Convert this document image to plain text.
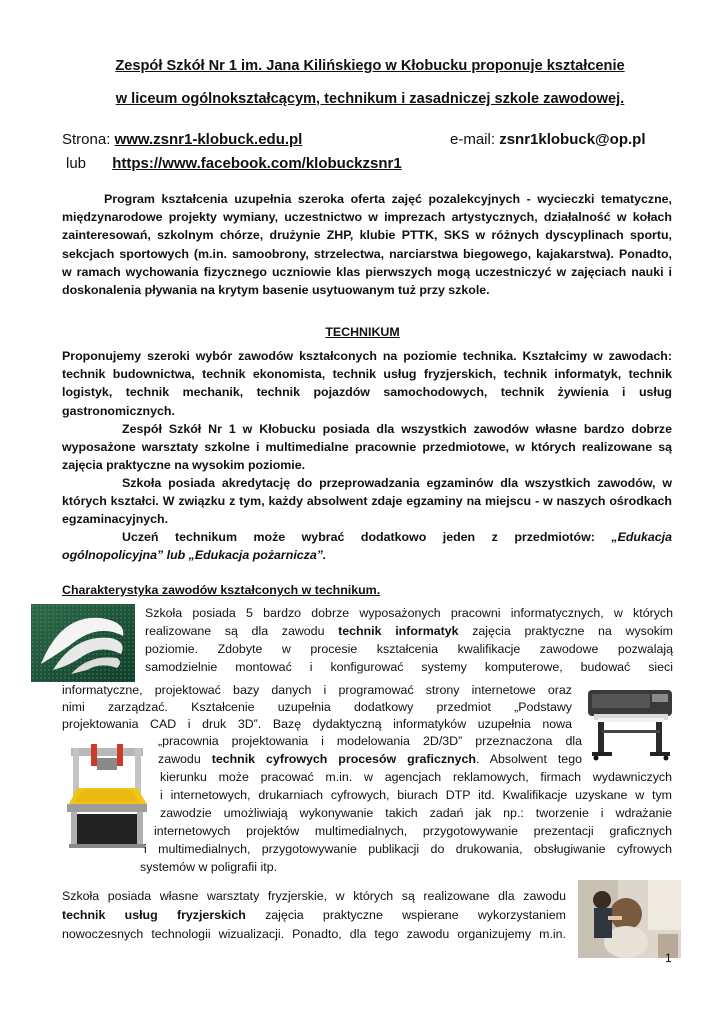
Zespół Szkół Nr 1 im. Jana Kilińskiego w Kłobucku proponuje kształcenie
w liceum ogólnokształcącym, technikum i zasadniczej szkole zawodowej.
Strona: www.zsnr1-klobuck.edu.pl	e-mail: zsnr1klobuck@op.pl
lub https://www.facebook.com/klobuckzsnr1
Program kształcenia uzupełnia szeroka oferta zajęć pozalekcyjnych - wycieczki tematyczne, międzynarodowe projekty wymiany, uczestnictwo w imprezach artystycznych, działalność w kołach zainteresowań, szkolnym chórze, drużynie ZHP, klubie PTTK, SKS w różnych dyscyplinach sportu, sekcjach sportowych (m.in. samoobrony, strzelectwa, narciarstwa biegowego, kajakarstwa). Ponadto, w ramach wychowania fizycznego uczniowie klas pierwszych mogą uczestniczyć w zajęciach nauki i doskonalenia pływania na krytym basenie usytuowanym tuż przy szkole.
TECHNIKUM
Proponujemy szeroki wybór zawodów kształconych na poziomie technika. Kształcimy w zawodach: technik budownictwa, technik ekonomista, technik usług fryzjerskich, technik informatyk, technik logistyk, technik mechanik, technik pojazdów samochodowych, technik żywienia i usług gastronomicznych.
Zespół Szkół Nr 1 w Kłobucku posiada dla wszystkich zawodów własne bardzo dobrze wyposażone warsztaty szkolne i multimedialne pracownie przedmiotowe, w których realizowane są zajęcia praktyczne na wysokim poziomie.
Szkoła posiada akredytację do przeprowadzania egzaminów dla wszystkich zawodów, w których kształci. W związku z tym, każdy absolwent zdaje egzaminy na miejscu - w naszych ośrodkach egzaminacyjnych.
Uczeń technikum może wybrać dodatkowo jeden z przedmiotów: „Edukacja ogólnopolicyjna” lub „Edukacja pożarnicza”.
Charakterystyka zawodów kształconych w technikum.
Szkoła posiada 5 bardzo dobrze wyposażonych pracowni informatycznych, w których
realizowane są dla zawodu technik informatyk zajęcia praktyczne na wysokim
poziomie. Zdobyte w procesie kształcenia kwalifikacje zawodowe pozwalają
samodzielnie montować i konfigurować systemy komputerowe, budować sieci
informatyczne, projektować bazy danych i programować strony internetowe oraz
nimi zarządzać. Kształcenie uzupełnia dodatkowy przedmiot „Podstawy
projektowania CAD i druk 3D”. Bazę dydaktyczną informatyków uzupełnia nowa
„pracownia projektowania i modelowania 2D/3D” przeznaczona dla
zawodu technik cyfrowych procesów graficznych. Absolwent tego
kierunku może pracować m.in. w agencjach reklamowych, firmach wydawniczych
i internetowych, drukarniach cyfrowych, biurach DTP itd. Kwalifikacje uzyskane w tym
zawodzie umożliwiają wykonywanie takich zadań jak np.: tworzenie i wdrażanie
internetowych projektów multimedialnych, przygotowywanie prezentacji graficznych
i multimedialnych, przygotowywanie publikacji do drukowania, obsługiwanie cyfrowych
systemów w poligrafii itp.
Szkoła posiada własne warsztaty fryzjerskie, w których są realizowane dla zawodu
technik usług fryzjerskich zajęcia praktyczne wspierane wykorzystaniem
nowoczesnych technologii wizualizacji. Ponadto, dla tego zawodu organizujemy m.in.
1
